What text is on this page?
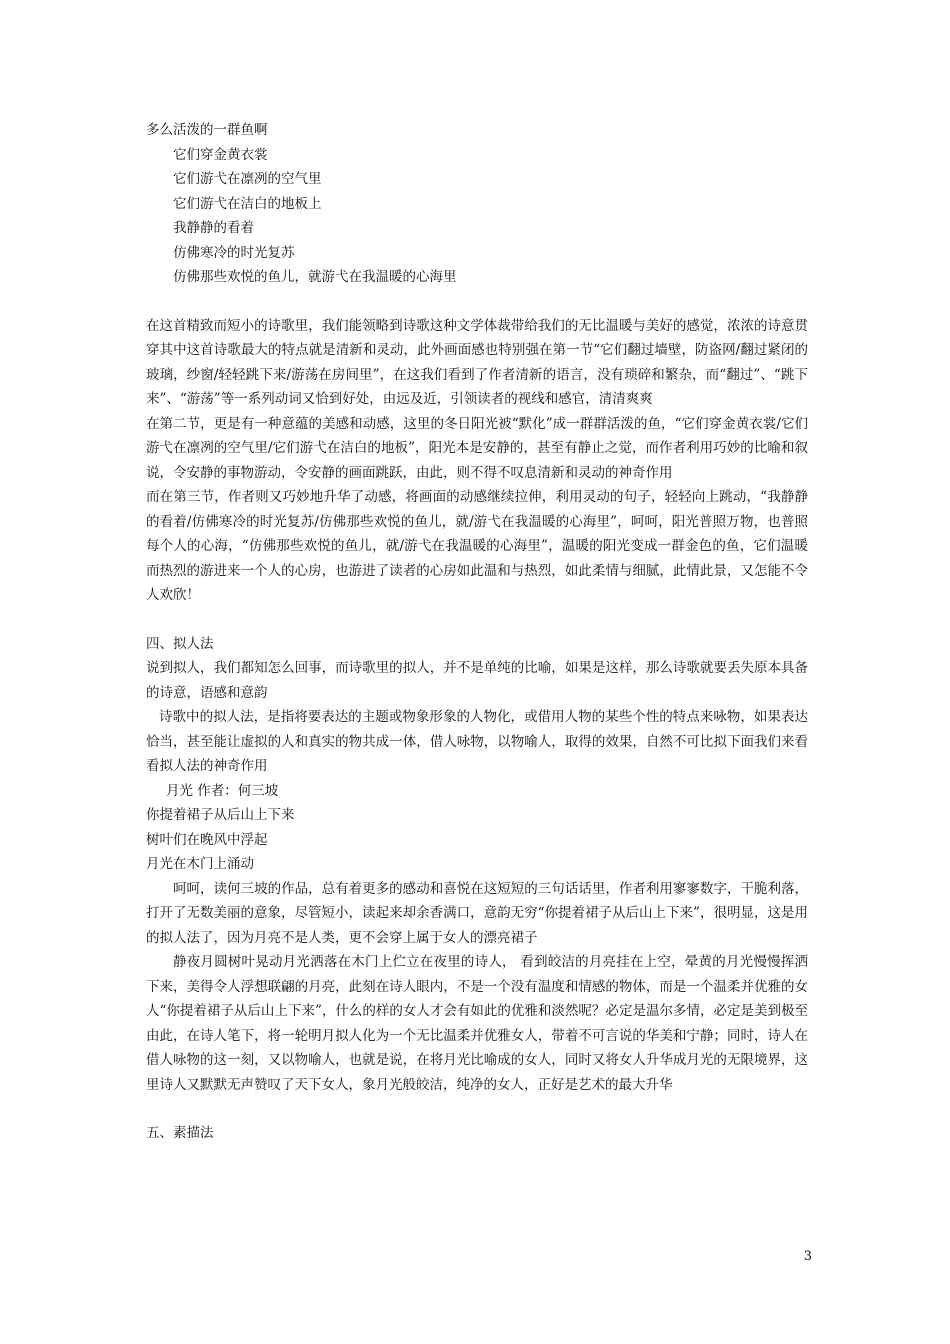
多么活泼的一群鱼啊
它们穿金黄衣裳
它们游弋在凛冽的空气里
它们游弋在洁白的地板上
我静静的看着
仿佛寒冷的时光复苏
仿佛那些欢悦的鱼儿，就游弋在我温暖的心海里
在这首精致而短小的诗歌里，我们能领略到诗歌这种文学体裁带给我们的无比温暖与美好的感觉，浓浓的诗意贯穿其中这首诗歌最大的特点就是清新和灵动，此外画面感也特别强在第一节“它们翻过墙壁，防盗网/翻过紧闭的玻璃，纱窗/轻轻跳下来/游荡在房间里”，在这我们看到了作者清新的语言，没有琐碎和繁杂，而“翻过”、“跳下来”、“游荡”等一系列动词又恰到好处，由远及近，引领读者的视线和感官，清清爽爽
在第二节，更是有一种意蕴的美感和动感，这里的冬日阳光被“默化”成一群群活泼的鱼，“它们穿金黄衣裳/它们游弋在凛冽的空气里/它们游弋在洁白的地板”，阳光本是安静的，甚至有静止之觉，而作者利用巧妙的比喻和叙说，令安静的事物游动，令安静的画面跳跃，由此，则不得不叹息清新和灵动的神奇作用
而在第三节，作者则又巧妙地升华了动感，将画面的动感继续拉伸，利用灵动的句子，轻轻向上跳动，“我静静的看着/仿佛寒冷的时光复苏/仿佛那些欢悦的鱼儿，就/游弋在我温暖的心海里”，呵呵，阳光普照万物，也普照每个人的心海，“仿佛那些欢悦的鱼儿，就/游弋在我温暖的心海里”，温暖的阳光变成一群金色的鱼，它们温暖而热烈的游进来一个人的心房，也游进了读者的心房如此温和与热烈，如此柔情与细腻，此情此景，又怎能不令人欢欣！
四、拟人法
说到拟人，我们都知怎么回事，而诗歌里的拟人，并不是单纯的比喻，如果是这样，那么诗歌就要丢失原本具备的诗意，语感和意韵
诗歌中的拟人法，是指将要表达的主题或物象形象的人物化，或借用人物的某些个性的特点来咏物，如果表达恰当，甚至能让虚拟的人和真实的物共成一体，借人咏物，以物喻人，取得的效果，自然不可比拟下面我们来看看拟人法的神奇作用
月光 作者：何三坡
你提着裙子从后山上下来
树叶们在晚风中浮起
月光在木门上涌动
呵呵，读何三坡的作品，总有着更多的感动和喜悦在这短短的三句话话里，作者利用寥寥数字，干脆利落，打开了无数美丽的意象，尽管短小，读起来却余香满口，意韵无穷“你提着裙子从后山上下来”，很明显，这是用的拟人法了，因为月亮不是人类，更不会穿上属于女人的漂亮裙子
静夜月圆树叶晃动月光洒落在木门上伫立在夜里的诗人， 看到皎洁的月亮挂在上空，晕黄的月光慢慢挥洒下来，美得令人浮想联翩的月亮，此刻在诗人眼内，不是一个没有温度和情感的物体，而是一个温柔并优雅的女人“你提着裙子从后山上下来”，什么的样的女人才会有如此的优雅和淡然呢？必定是温尔多情，必定是美到极至由此，在诗人笔下，将一轮明月拟人化为一个无比温柔并优雅女人，带着不可言说的华美和宁静；同时，诗人在借人咏物的这一刻，又以物喻人，也就是说，在将月光比喻成的女人，同时又将女人升华成月光的无限境界，这里诗人又默默无声赞叹了天下女人，象月光般皎洁，纯净的女人，正好是艺术的最大升华
五、素描法
3
